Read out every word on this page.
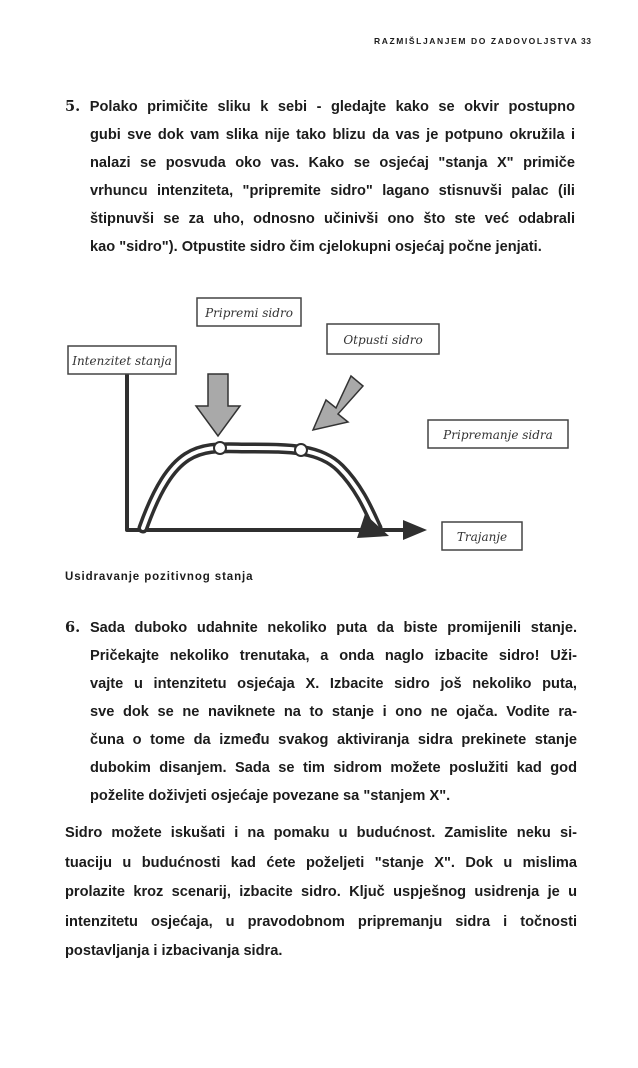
RAZMIŠLJANJEM DO ZADOVOLJSTVA 33
5. Polako primičite sliku k sebi - gledajte kako se okvir postupno
gubi sve dok vam slika nije tako blizu da vas je potpuno okružila i
nalazi se posvuda oko vas. Kako se osjećaj "stanja X" primiče
vrhuncu intenziteta, "pripremite sidro" lagano stisnuvši palac (ili
štipnuvši se za uho, odnosno učinivši ono što ste već odabrali
kao "sidro"). Otpustite sidro čim cjelokupni osjećaj počne jenjati.
Pripremi sidro
Otpusti sidro
Intenzitet stanja
Pripremanje sidra
Trajanje

Usidravanje pozitivnog stanja

6. Sada duboko udahnite nekoliko puta da biste promijenili stanje.
Pričekajte nekoliko trenutaka, a onda naglo izbacite sidro! Uži-
vajte u intenzitetu osjećaja X. Izbacite sidro još nekoliko puta,
sve dok se ne naviknete na to stanje i ono ne ojača. Vodite ra-
čuna o tome da između svakog aktiviranja sidra prekinete stanje
dubokim disanjem. Sada se tim sidrom možete poslužiti kad god
poželite doživjeti osjećaje povezane sa "stanjem X".
Sidro možete iskušati i na pomaku u budućnost. Zamislite neku si-
tuaciju u budućnosti kad ćete poželjeti "stanje X". Dok u mislima
prolazite kroz scenarij, izbacite sidro. Ključ uspješnog usidrenja je u
intenzitetu osjećaja, u pravodobnom pripremanju sidra i točnosti
postavljanja i izbacivanja sidra.
